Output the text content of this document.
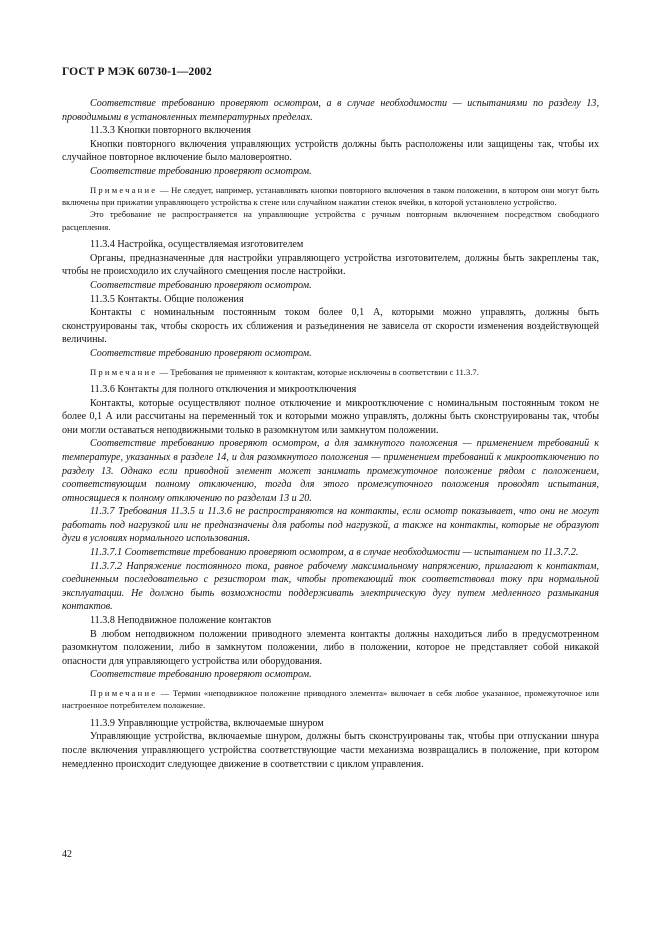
ГОСТ Р МЭК 60730-1—2002

Соответствие требованию проверяют осмотром, а в случае необходимости — испытаниями по разделу 13, проводимыми в установленных температурных пределах.

11.3.3 Кнопки повторного включения

Кнопки повторного включения управляющих устройств должны быть расположены или защищены так, чтобы их случайное повторное включение было маловероятно.

Соответствие требованию проверяют осмотром.

Примечание — Не следует, например, устанавливать кнопки повторного включения в таком положении, в котором они могут быть включены при прижатии управляющего устройства к стене или случайном нажатии стенок ячейки, в которой установлено устройство.

Это требование не распространяется на управляющие устройства с ручным повторным включением посредством свободного расцепления.

11.3.4 Настройка, осуществляемая изготовителем

Органы, предназначенные для настройки управляющего устройства изготовителем, должны быть закреплены так, чтобы не происходило их случайного смещения после настройки.

Соответствие требованию проверяют осмотром.

11.3.5 Контакты. Общие положения

Контакты с номинальным постоянным током более 0,1 А, которыми можно управлять, должны быть сконструированы так, чтобы скорость их сближения и разъединения не зависела от скорости изменения воздействующей величины.

Соответствие требованию проверяют осмотром.

Примечание — Требования не применяют к контактам, которые исключены в соответствии с 11.3.7.

11.3.6 Контакты для полного отключения и микроотключения

Контакты, которые осуществляют полное отключение и микроотключение с номинальным постоянным током не более 0,1 А или рассчитаны на переменный ток и которыми можно управлять, должны быть сконструированы так, чтобы они могли оставаться неподвижными только в разомкнутом или замкнутом положении.

Соответствие требованию проверяют осмотром, а для замкнутого положения — применением требований к температуре, указанных в разделе 14, и для разомкнутого положения — применением требований к микроотключению по разделу 13. Однако если приводной элемент может занимать промежуточное положение рядом с положением, соответствующим полному отключению, тогда для этого промежуточного положения проводят испытания, относящиеся к полному отключению по разделам 13 и 20.

11.3.7 Требования 11.3.5 и 11.3.6 не распространяются на контакты, если осмотр показывает, что они не могут работать под нагрузкой или не предназначены для работы под нагрузкой, а также на контакты, которые не образуют дуги в условиях нормального использования.

11.3.7.1 Соответствие требованию проверяют осмотром, а в случае необходимости — испытанием по 11.3.7.2.

11.3.7.2 Напряжение постоянного тока, равное рабочему максимальному напряжению, прилагают к контактам, соединенным последовательно с резистором так, чтобы протекающий ток соответствовал току при нормальной эксплуатации. Не должно быть возможности поддерживать электрическую дугу путем медленного размыкания контактов.

11.3.8 Неподвижное положение контактов

В любом неподвижном положении приводного элемента контакты должны находиться либо в предусмотренном разомкнутом положении, либо в замкнутом положении, либо в положении, которое не представляет собой никакой опасности для управляющего устройства или оборудования.

Соответствие требованию проверяют осмотром.

Примечание — Термин «неподвижное положение приводного элемента» включает в себя любое указанное, промежуточное или настроенное потребителем положение.

11.3.9 Управляющие устройства, включаемые шнуром

Управляющие устройства, включаемые шнуром, должны быть сконструированы так, чтобы при отпускании шнура после включения управляющего устройства соответствующие части механизма возвращались в положение, при котором немедленно происходит следующее движение в соответствии с циклом управления.

42
